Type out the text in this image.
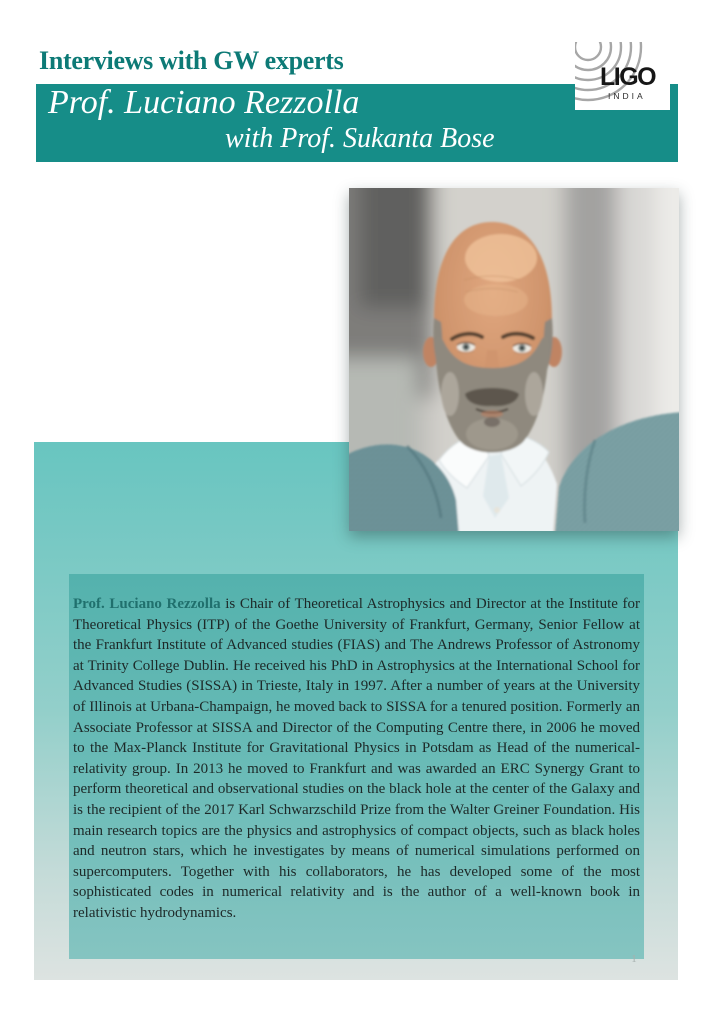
Interviews with GW experts
Prof. Luciano Rezzolla
with Prof. Sukanta Bose
LIGO
INDIA

Prof. Luciano Rezzolla is Chair of Theoretical Astrophysics and Director at the Institute for Theoretical Physics (ITP) of the Goethe University of Frankfurt, Germany, Senior Fellow at the Frankfurt Institute of Advanced studies (FIAS) and The Andrews Professor of Astronomy at Trinity College Dublin. He received his PhD in Astrophysics at the International School for Advanced Studies (SISSA) in Trieste, Italy in 1997. After a number of years at the University of Illinois at Urbana-Champaign, he moved back to SISSA for a tenured position. Formerly an Associate Professor at SISSA and Director of the Computing Centre there, in 2006 he moved to the Max-Planck Institute for Gravitational Physics in Potsdam as Head of the numerical-relativity group. In 2013 he moved to Frankfurt and was awarded an ERC Synergy Grant to perform theoretical and observational studies on the black hole at the center of the Galaxy and is the recipient of the 2017 Karl Schwarzschild Prize from the Walter Greiner Foundation. His main research topics are the physics and astrophysics of compact objects, such as black holes and neutron stars, which he investigates by means of numerical simulations performed on supercomputers. Together with his collaborators, he has developed some of the most sophisticated codes in numerical relativity and is the author of a well-known book in relativistic hydrodynamics.

1
